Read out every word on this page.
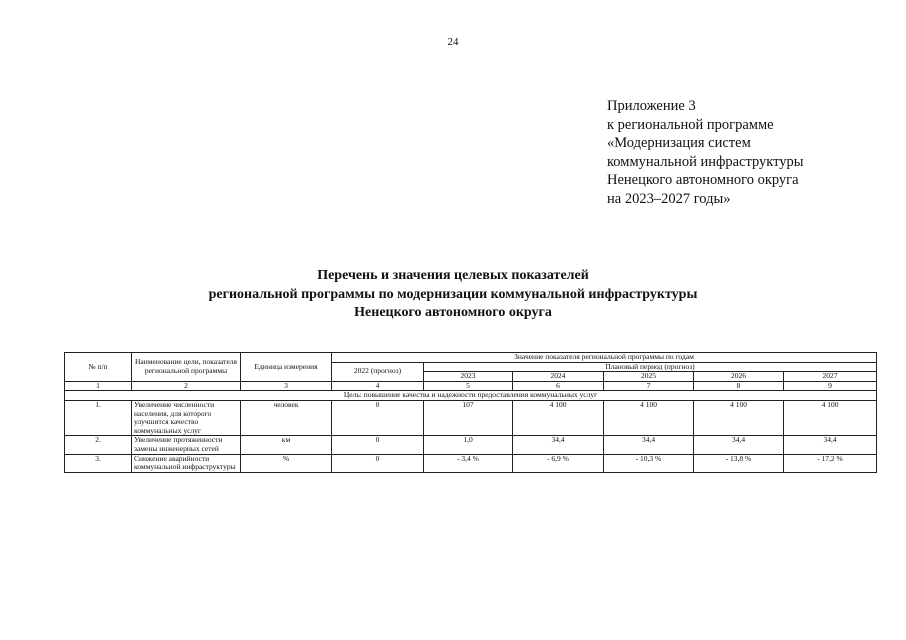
24
Приложение 3
к региональной программе
«Модернизация систем
коммунальной инфраструктуры
Ненецкого автономного округа
на 2023–2027 годы»
Перечень и значения целевых показателей
региональной программы по модернизации коммунальной инфраструктуры
Ненецкого автономного округа
№ п/п	Наименование цели, показателя региональной программы	Единица измерения	Значение показателя региональной программы по годам					
			2022 (прогноз)	Плановый период (прогноз)				
				2023	2024	2025	2026	2027
1	2	3	4	5	6	7	8	9
Цель: повышение качества и надежности предоставления коммунальных услуг								
1.	Увеличение численности населения, для которого улучшится качество коммунальных услуг	человек	0	107	4 100	4 100	4 100	4 100
2.	Увеличение протяженности замены инженерных сетей	км	0	1,0	34,4	34,4	34,4	34,4
3.	Снижение аварийности коммунальной инфраструктуры	%	0	- 3,4 %	- 6,9 %	- 10,3 %	- 13,8 %	- 17,2 %
